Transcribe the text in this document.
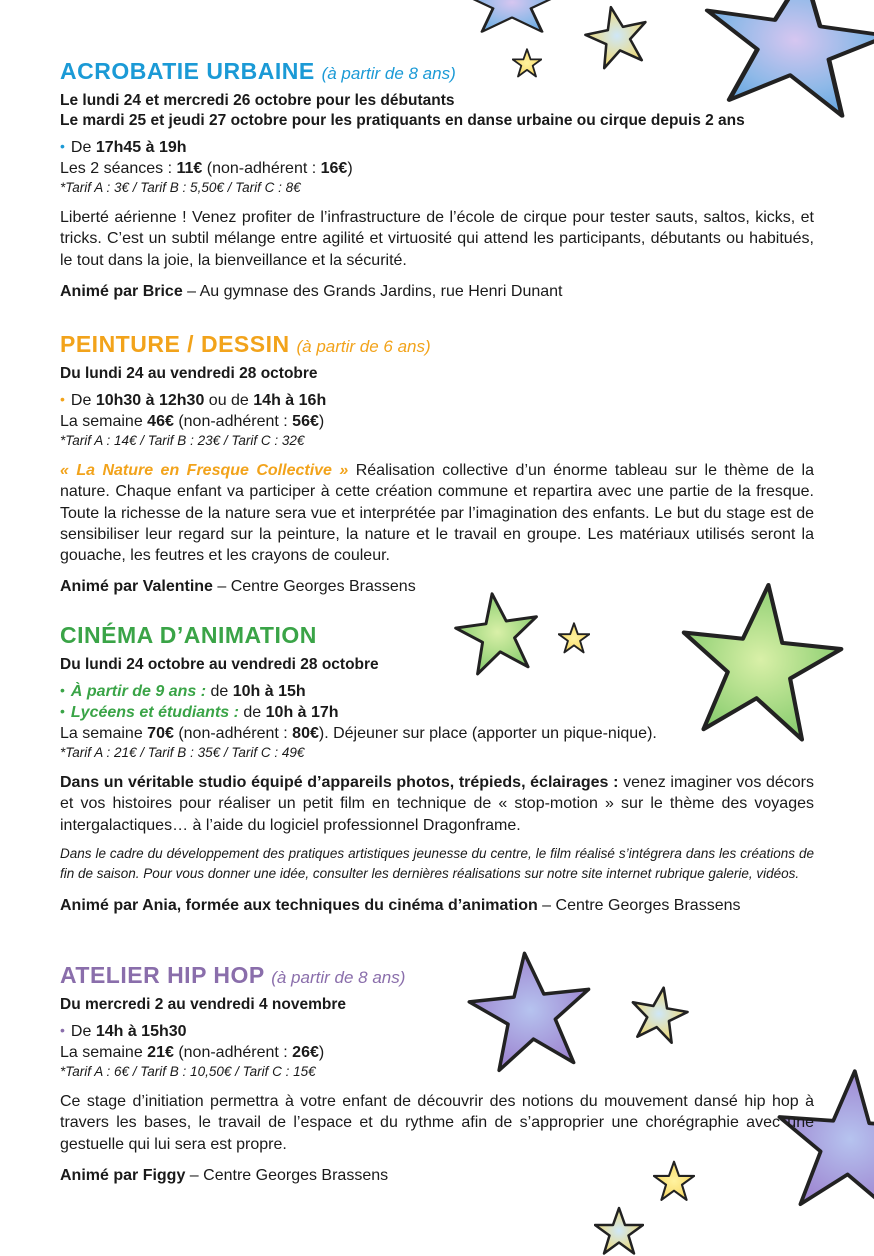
ACROBATIE URBAINE (à partir de 8 ans)
Le lundi 24 et mercredi 26 octobre pour les débutants
Le mardi 25 et jeudi 27 octobre pour les pratiquants en danse urbaine ou cirque depuis 2 ans
• De 17h45 à 19h
Les 2 séances : 11€ (non-adhérent : 16€)
*Tarif A : 3€ / Tarif B : 5,50€ / Tarif C : 8€
Liberté aérienne ! Venez profiter de l’infrastructure de l’école de cirque pour tester sauts, saltos, kicks, et tricks. C’est un subtil mélange entre agilité et virtuosité qui attend les participants, débutants ou habitués, le tout dans la joie, la bienveillance et la sécurité.
Animé par Brice – Au gymnase des Grands Jardins, rue Henri Dunant
PEINTURE / DESSIN (à partir de 6 ans)
Du lundi 24 au vendredi 28 octobre
• De 10h30 à 12h30 ou de 14h à 16h
La semaine 46€ (non-adhérent : 56€)
*Tarif A : 14€ / Tarif B : 23€ / Tarif C : 32€
« La Nature en Fresque Collective » Réalisation collective d’un énorme tableau sur le thème de la nature. Chaque enfant va participer à cette création commune et repartira avec une partie de la fresque. Toute la richesse de la nature sera vue et interprétée par l’imagination des enfants. Le but du stage est de sensibiliser leur regard sur la peinture, la nature et le travail en groupe. Les matériaux utilisés seront la gouache, les feutres et les crayons de couleur.
Animé par Valentine – Centre Georges Brassens
CINÉMA D’ANIMATION
Du lundi 24 octobre au vendredi 28 octobre
• À partir de 9 ans : de 10h à 15h
• Lycéens et étudiants : de 10h à 17h
La semaine 70€ (non-adhérent : 80€). Déjeuner sur place (apporter un pique-nique).
*Tarif A : 21€ / Tarif B : 35€ / Tarif C : 49€
Dans un véritable studio équipé d’appareils photos, trépieds, éclairages : venez imaginer vos décors et vos histoires pour réaliser un petit film en technique de « stop-motion » sur le thème des voyages intergalactiques… à l’aide du logiciel professionnel Dragonframe.
Dans le cadre du développement des pratiques artistiques jeunesse du centre, le film réalisé s’intégrera dans les créations de fin de saison. Pour vous donner une idée, consulter les dernières réalisations sur notre site internet rubrique galerie, vidéos.
Animé par Ania, formée aux techniques du cinéma d’animation – Centre Georges Brassens
ATELIER HIP HOP (à partir de 8 ans)
Du mercredi 2 au vendredi 4 novembre
• De 14h à 15h30
La semaine 21€ (non-adhérent : 26€)
*Tarif A : 6€ / Tarif B : 10,50€ / Tarif C : 15€
Ce stage d’initiation permettra à votre enfant de découvrir des notions du mouvement dansé hip hop à travers les bases, le travail de l’espace et du rythme afin de s’approprier une chorégraphie avec une gestuelle qui lui sera est propre.
Animé par Figgy – Centre Georges Brassens
